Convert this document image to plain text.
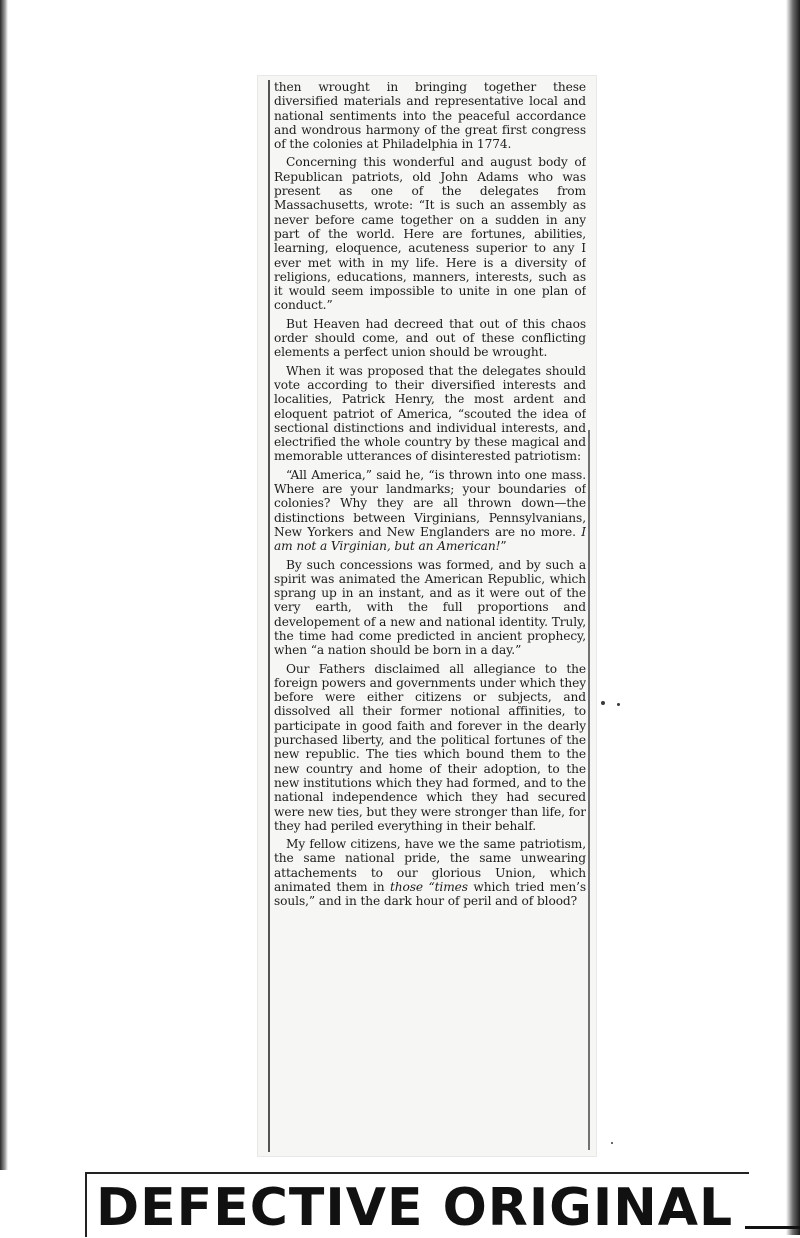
then wrought in bringing together these diversified materials and representative local and national sentiments into the peaceful accordance and wondrous harmony of the great first congress of the colonies at Philadelphia in 1774.

Concerning this wonderful and august body of Republican patriots, old John Adams who was present as one of the delegates from Massachusetts, wrote: “It is such an assembly as never before came together on a sudden in any part of the world. Here are fortunes, abilities, learning, eloquence, acuteness superior to any I ever met with in my life. Here is a diversity of religions, educations, manners, interests, such as it would seem impossible to unite in one plan of conduct.”

But Heaven had decreed that out of this chaos order should come, and out of these conflicting elements a perfect union should be wrought.

When it was proposed that the delegates should vote according to their diversified interests and localities, Patrick Henry, the most ardent and eloquent patriot of America, “scouted the idea of sectional distinctions and individual interests, and electrified the whole country by these magical and memorable utterances of disinterested patriotism:

“All America,” said he, “is thrown into one mass. Where are your landmarks; your boundaries of colonies? Why they are all thrown down—the distinctions between Virginians, Pennsylvanians, New Yorkers and New Englanders are no more. I am not a Virginian, but an American!”

By such concessions was formed, and by such a spirit was animated the American Republic, which sprang up in an instant, and as it were out of the very earth, with the full proportions and developement of a new and national identity. Truly, the time had come predicted in ancient prophecy, when “a nation should be born in a day.”

Our Fathers disclaimed all allegiance to the foreign powers and governments under which they before were either citizens or subjects, and dissolved all their former notional affinities, to participate in good faith and forever in the dearly purchased liberty, and the political fortunes of the new republic. The ties which bound them to the new country and home of their adoption, to the new institutions which they had formed, and to the national independence which they had secured were new ties, but they were stronger than life, for they had periled everything in their behalf.

My fellow citizens, have we the same patriotism, the same national pride, the same unwearing attachements to our glorious Union, which animated them in those “times which tried men’s souls,” and in the dark hour of peril and of blood?

DEFECTIVE ORIGINAL
